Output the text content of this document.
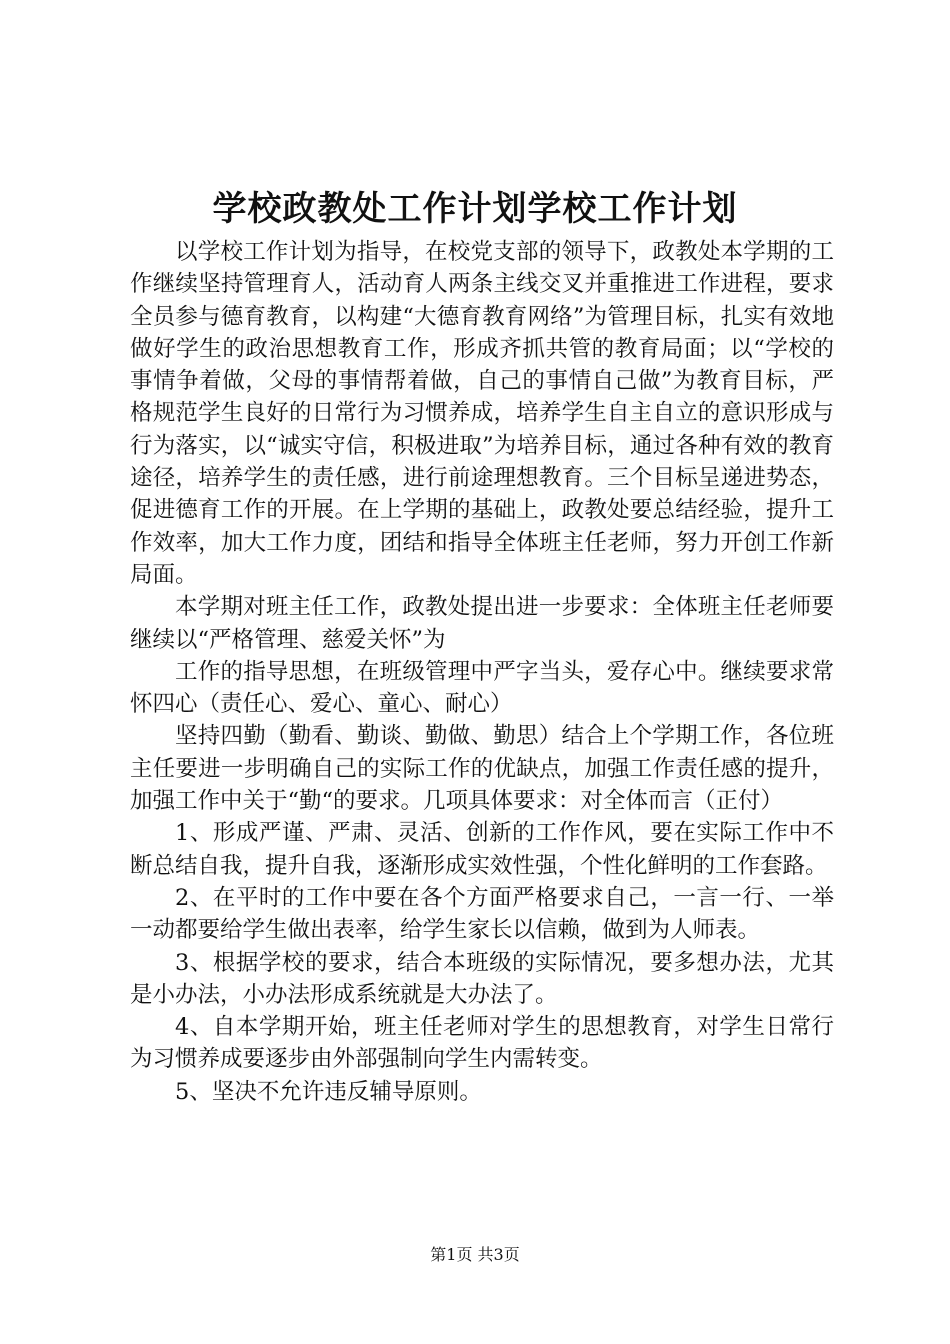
学校政教处工作计划学校工作计划

以学校工作计划为指导，在校党支部的领导下，政教处本学期的工作继续坚持管理育人，活动育人两条主线交叉并重推进工作进程，要求全员参与德育教育，以构建“大德育教育网络”为管理目标，扎实有效地做好学生的政治思想教育工作，形成齐抓共管的教育局面；以“学校的事情争着做，父母的事情帮着做，自己的事情自己做”为教育目标，严格规范学生良好的日常行为习惯养成，培养学生自主自立的意识形成与行为落实，以“诚实守信，积极进取”为培养目标，通过各种有效的教育途径，培养学生的责任感，进行前途理想教育。三个目标呈递进势态，促进德育工作的开展。在上学期的基础上，政教处要总结经验，提升工作效率，加大工作力度，团结和指导全体班主任老师，努力开创工作新局面。

本学期对班主任工作，政教处提出进一步要求：全体班主任老师要继续以“严格管理、慈爱关怀”为

工作的指导思想，在班级管理中严字当头，爱存心中。继续要求常怀四心（责任心、爱心、童心、耐心）

坚持四勤（勤看、勤谈、勤做、勤思）结合上个学期工作，各位班主任要进一步明确自己的实际工作的优缺点，加强工作责任感的提升，加强工作中关于“勤“的要求。几项具体要求：对全体而言（正付）

1、形成严谨、严肃、灵活、创新的工作作风，要在实际工作中不断总结自我，提升自我，逐渐形成实效性强，个性化鲜明的工作套路。

2、在平时的工作中要在各个方面严格要求自己，一言一行、一举一动都要给学生做出表率，给学生家长以信赖，做到为人师表。

3、根据学校的要求，结合本班级的实际情况，要多想办法，尤其是小办法，小办法形成系统就是大办法了。

4、自本学期开始，班主任老师对学生的思想教育，对学生日常行为习惯养成要逐步由外部强制向学生内需转变。

5、坚决不允许违反辅导原则。

第1页 共3页
